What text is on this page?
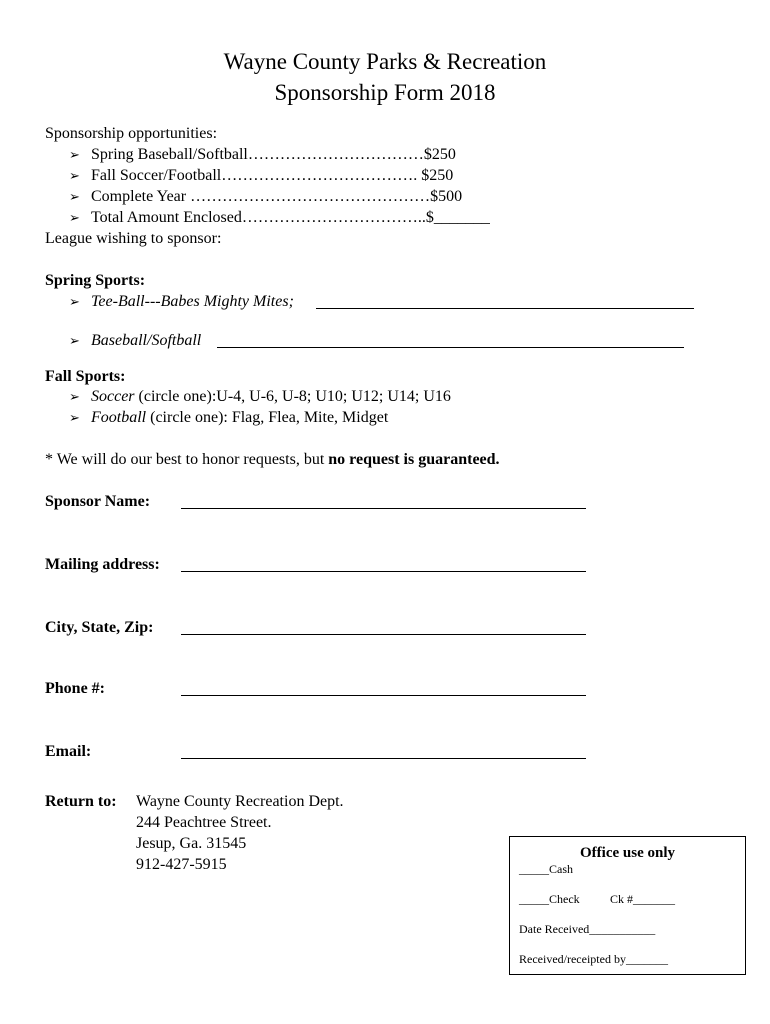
Wayne County Parks & Recreation
Sponsorship Form 2018
Sponsorship opportunities:
➢ Spring Baseball/Softball……………………………$250
➢ Fall Soccer/Football………………………………. $250
➢ Complete Year ………………………………………$500
➢ Total Amount Enclosed……………………………..$_______
League wishing to sponsor:
Spring Sports:
➢ Tee-Ball---Babes Mighty Mites;
➢ Baseball/Softball
Fall Sports:
➢ Soccer (circle one):U-4, U-6, U-8; U10; U12; U14; U16
➢ Football (circle one): Flag, Flea, Mite, Midget
* We will do our best to honor requests, but no request is guaranteed.
Sponsor Name:
Mailing address:
City, State, Zip:
Phone #:
Email:
Return to: Wayne County Recreation Dept.
244 Peachtree Street.
Jesup, Ga. 31545
912-427-5915
Office use only
_____Cash
_____Check	Ck #_______
Date Received___________
Received/receipted by_______
